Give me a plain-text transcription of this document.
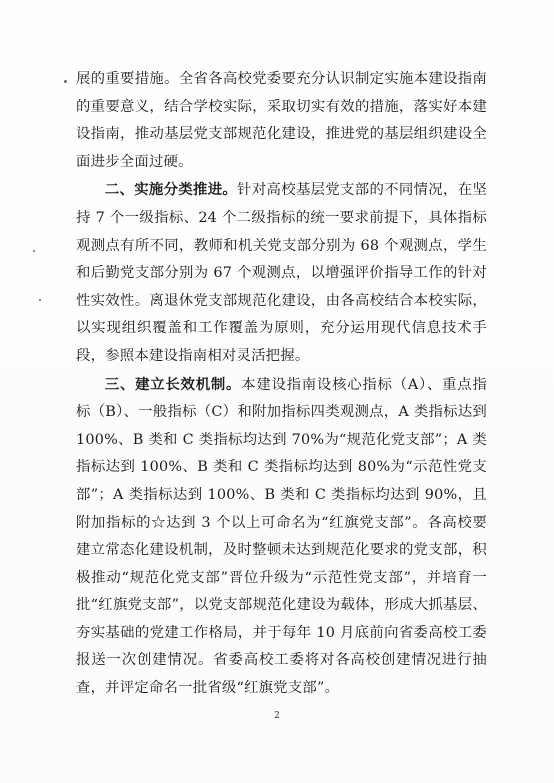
展的重要措施。全省各高校党委要充分认识制定实施本建设指南的重要意义，结合学校实际，采取切实有效的措施，落实好本建设指南，推动基层党支部规范化建设，推进党的基层组织建设全面进步全面过硬。

二、实施分类推进。针对高校基层党支部的不同情况，在坚持 7 个一级指标、24 个二级指标的统一要求前提下，具体指标观测点有所不同，教师和机关党支部分别为 68 个观测点，学生和后勤党支部分别为 67 个观测点，以增强评价指导工作的针对性实效性。离退休党支部规范化建设，由各高校结合本校实际，以实现组织覆盖和工作覆盖为原则，充分运用现代信息技术手段，参照本建设指南相对灵活把握。

三、建立长效机制。本建设指南设核心指标（A）、重点指标（B）、一般指标（C）和附加指标四类观测点，A 类指标达到 100%、B 类和 C 类指标均达到 70%为“规范化党支部”；A 类指标达到 100%、B 类和 C 类指标均达到 80%为“示范性党支部”；A 类指标达到 100%、B 类和 C 类指标均达到 90%，且附加指标的☆达到 3 个以上可命名为“红旗党支部”。各高校要建立常态化建设机制，及时整顿未达到规范化要求的党支部，积极推动“规范化党支部”晋位升级为“示范性党支部”，并培育一批“红旗党支部”，以党支部规范化建设为载体，形成大抓基层、夯实基础的党建工作格局，并于每年 10 月底前向省委高校工委报送一次创建情况。省委高校工委将对各高校创建情况进行抽查，并评定命名一批省级“红旗党支部”。

2
